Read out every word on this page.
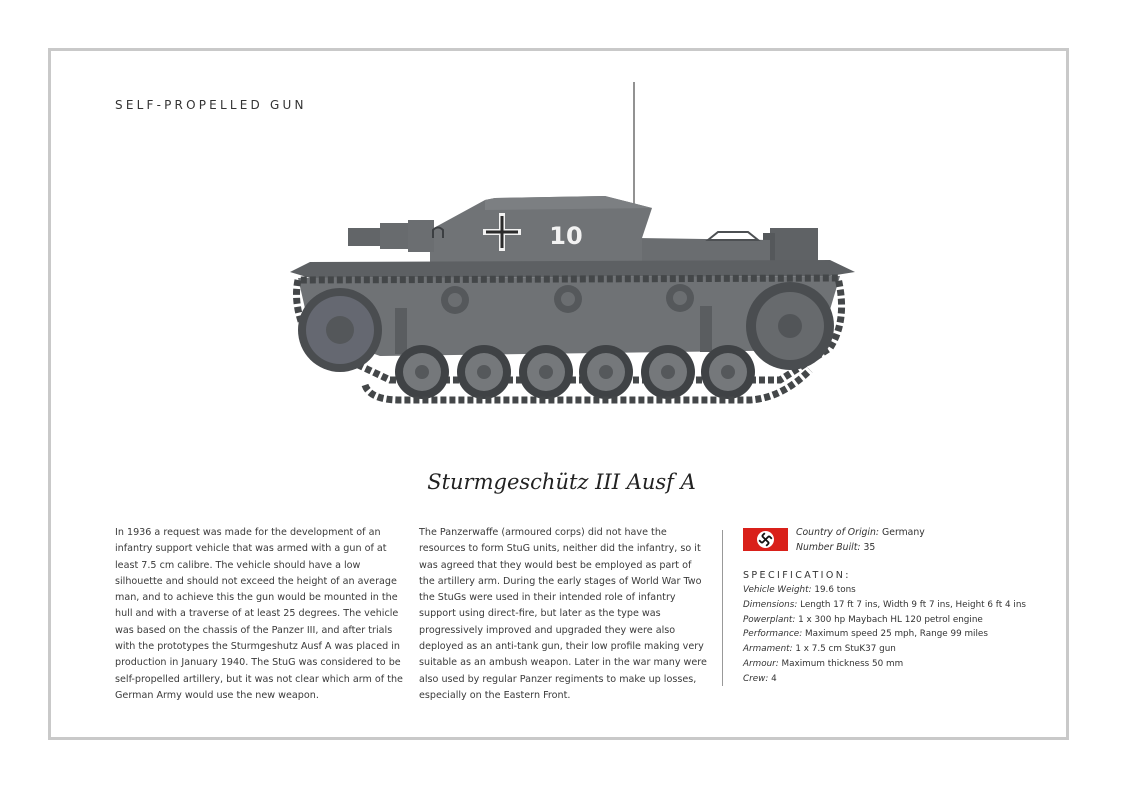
SELF-PROPELLED GUN
10
Sturmgeschütz III Ausf A
In 1936 a request was made for the development of an infantry support vehicle that was armed with a gun of at least 7.5 cm calibre. The vehicle should have a low silhouette and should not exceed the height of an average man, and to achieve this the gun would be mounted in the hull and with a traverse of at least 25 degrees. The vehicle was based on the chassis of the Panzer III, and after trials with the prototypes the Sturmgeshutz Ausf A was placed in production in January 1940. The StuG was considered to be self-propelled artillery, but it was not clear which arm of the German Army would use the new weapon.
The Panzerwaffe (armoured corps) did not have the resources to form StuG units, neither did the infantry, so it was agreed that they would best be employed as part of the artillery arm. During the early stages of World War Two the StuGs were used in their intended role of infantry support using direct-fire, but later as the type was progressively improved and upgraded they were also deployed as an anti-tank gun, their low profile making very suitable as an ambush weapon. Later in the war many were also used by regular Panzer regiments to make up losses, especially on the Eastern Front.
Country of Origin: Germany
Number Built: 35
SPECIFICATION:
Vehicle Weight: 19.6 tons
Dimensions: Length 17 ft 7 ins, Width 9 ft 7 ins, Height 6 ft 4 ins
Powerplant: 1 x 300 hp Maybach HL 120 petrol engine
Performance: Maximum speed 25 mph, Range 99 miles
Armament: 1 x 7.5 cm StuK37 gun
Armour: Maximum thickness 50 mm
Crew: 4
